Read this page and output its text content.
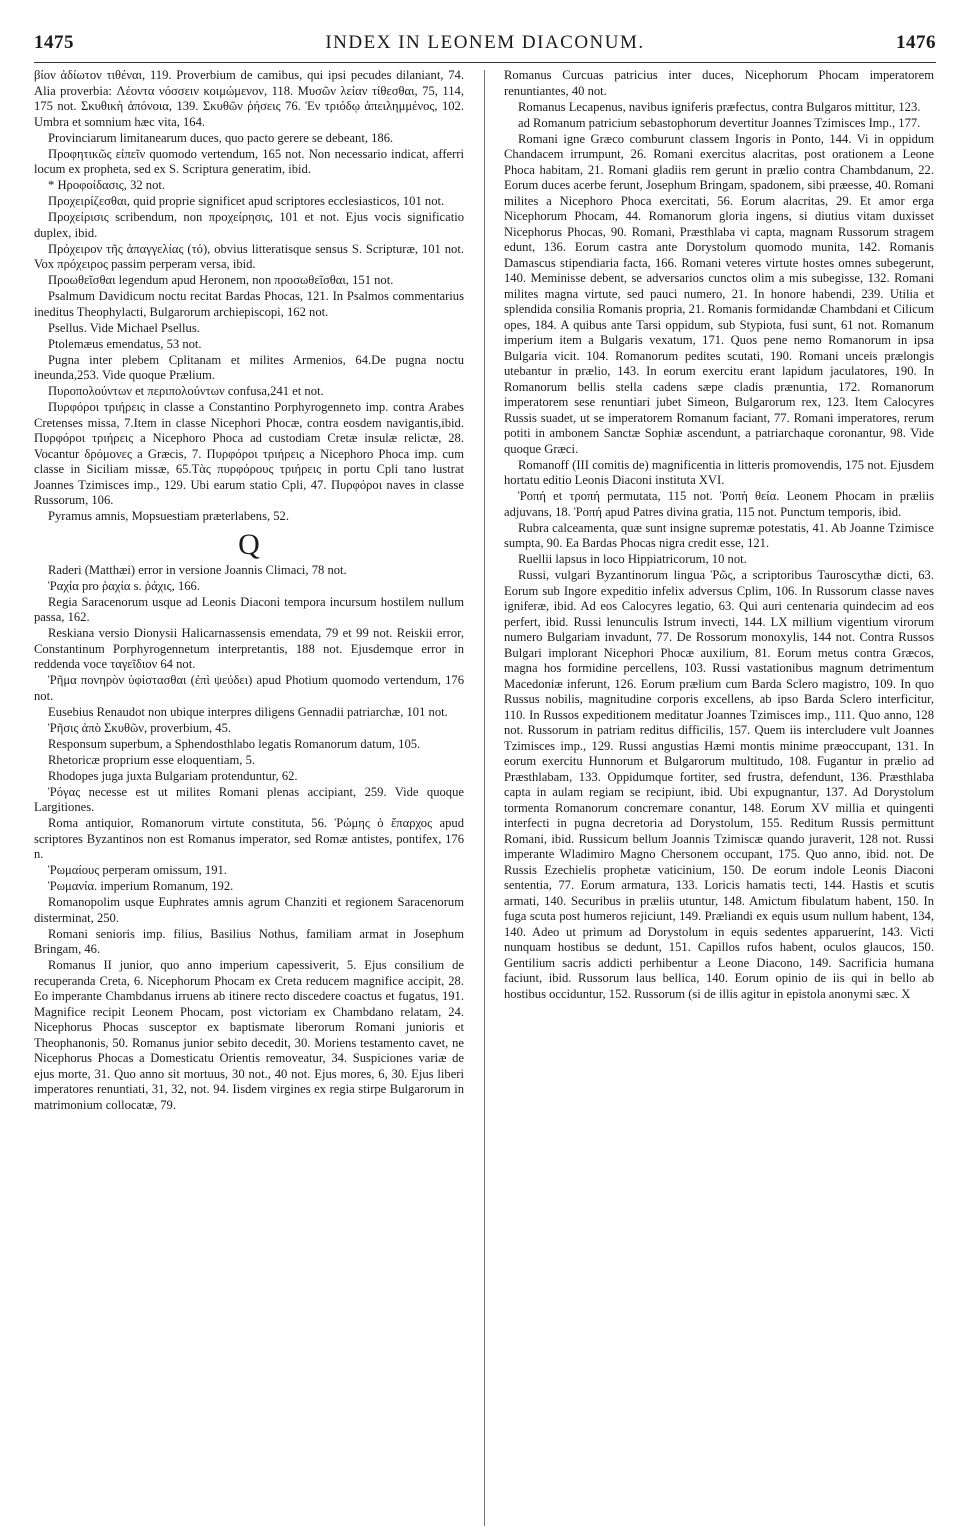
1475	INDEX IN LEONEM DIACONUM.	1476

βίον ἀδίωτον τιθέναι, 119. Proverbium de camibus, qui ipsi pecudes dilaniant, 74. Alia proverbia: Λέοντα νόσσειν κοιμώμενον, 118. Μυσῶν λείαν τίθεσθαι, 75, 114, 175 not. Σκυθικὴ ἀπόνοια, 139. Σκυθῶν ῥήσεις 76. Ἐν τριόδῳ ἀπειλημμένος, 102. Umbra et somnium hæc vita, 164.

Provinciarum limitanearum duces, quo pacto gerere se debeant, 186.

Προφητικῶς εἰπεῖν quomodo vertendum, 165 not. Non necessario indicat, afferri locum ex propheta, sed ex S. Scriptura generatim, ibid.

* Ηροφοίδασις, 32 not.

Προχειρίζεσθαι, quid proprie significet apud scriptores ecclesiasticos, 101 not.

Προχείρισις scribendum, non προχείρησις, 101 et not. Ejus vocis significatio duplex, ibid.

Πρόχειρον τῆς ἀπαγγελίας (τό), obvius litteratisque sensus S. Scripturæ, 101 not. Vox πρόχειρος passim perperam versa, ibid.

Προωθεῖσθαι legendum apud Heronem, non προσωθεῖσθαι, 151 not.

Psalmum Davidicum noctu recitat Bardas Phocas, 121. In Psalmos commentarius ineditus Theophylacti, Bulgarorum archiepiscopi, 162 not.

Psellus. Vide Michael Psellus.

Ptolemæus emendatus, 53 not.

Pugna inter plebem Cplitanam et milites Armenios, 64.De pugna noctu ineunda,253. Vide quoque Prælium.

Πυροπολούντων et περιπολούντων confusa,241 et not.

Πυρφόροι τριήρεις in classe a Constantino Porphyrogenneto imp. contra Arabes Cretenses missa, 7.Item in classe Nicephori Phocæ, contra eosdem navigantis,ibid. Πυρφόροι τριήρεις a Nicephoro Phoca ad custodiam Cretæ insulæ relictæ, 28. Vocantur δρόμονες a Græcis, 7. Πυρφόροι τριήρεις a Nicephoro Phoca imp. cum classe in Siciliam missæ, 65.Τὰς πυρφόρους τριήρεις in portu Cpli tano lustrat Joannes Tzimisces imp., 129. Ubi earum statio Cpli, 47. Πυρφόροι naves in classe Russorum, 106.

Pyramus amnis, Mopsuestiam præterlabens, 52.

Q

Raderi (Matthæi) error in versione Joannis Climaci, 78 not.

Ῥαχία pro ῥαχία s. ῥάχις, 166.

Regia Saracenorum usque ad Leonis Diaconi tempora incursum hostilem nullum passa, 162.

Reskiana versio Dionysii Halicarnassensis emendata, 79 et 99 not. Reiskii error, Constantinum Porphyrogennetum interpretantis, 188 not. Ejusdemque error in reddenda voce ταγεῖδιον 64 not.

Ῥῆμα πονηρὸν ὑφίστασθαι (ἐπὶ ψεύδει) apud Photium quomodo vertendum, 176 not.

Eusebius Renaudot non ubique interpres diligens Gennadii patriarchæ, 101 not.

Ῥῆσις ἀπὸ Σκυθῶν, proverbium, 45.

Responsum superbum, a Sphendosthlabo legatis Romanorum datum, 105.

Rhetoricæ proprium esse eloquentiam, 5.

Rhodopes juga juxta Bulgariam protenduntur, 62.

Ῥόγας necesse est ut milites Romani plenas accipiant, 259. Vide quoque Largitiones.

Roma antiquior, Romanorum virtute constituta, 56. Ῥώμης ὁ ἔπαρχος apud scriptores Byzantinos non est Romanus imperator, sed Romæ antistes, pontifex, 176 n.

Ῥωμαίους perperam omissum, 191.

Ῥωμανία. imperium Romanum, 192.

Romanopolim usque Euphrates amnis agrum Chanziti et regionem Saracenorum disterminat, 250.

Romani senioris imp. filius, Basilius Nothus, familiam armat in Josephum Bringam, 46.

Romanus II junior, quo anno imperium capessiverit, 5. Ejus consilium de recuperanda Creta, 6. Nicephorum Phocam ex Creta reducem magnifice accipit, 28. Eo imperante Chambdanus irruens ab itinere recto discedere coactus et fugatus, 191. Magnifice recipit Leonem Phocam, post victoriam ex Chambdano relatam, 24. Nicephorus Phocas susceptor ex baptismate liberorum Romani junioris et Theophanonis, 50. Romanus junior sebito decedit, 30. Moriens testamento cavet, ne Nicephorus Phocas a Domesticatu Orientis removeatur, 34. Suspiciones variæ de ejus morte, 31. Quo anno sit mortuus, 30 not., 40 not. Ejus mores, 6, 30. Ejus liberi imperatores renuntiati, 31, 32, not. 94. Iisdem virgines ex regia stirpe Bulgarorum in matrimonium collocatæ, 79.

Romanus Curcuas patricius inter duces, Nicephorum Phocam imperatorem renuntiantes, 40 not.

Romanus Lecapenus, navibus igniferis præfectus, contra Bulgaros mittitur, 123.

ad Romanum patricium sebastophorum devertitur Joannes Tzimisces Imp., 177.

Romani igne Græco comburunt classem Ingoris in Ponto, 144. Vi in oppidum Chandacem irrumpunt, 26. Romani exercitus alacritas, post orationem a Leone Phoca habitam, 21. Romani gladiis rem gerunt in prælio contra Chambdanum, 22. Eorum duces acerbe ferunt, Josephum Bringam, spadonem, sibi præesse, 40. Romani milites a Nicephoro Phoca exercitati, 56. Eorum alacritas, 29. Et amor erga Nicephorum Phocam, 44. Romanorum gloria ingens, si diutius vitam duxisset Nicephorus Phocas, 90. Romani, Præsthlaba vi capta, magnam Russorum stragem edunt, 136. Eorum castra ante Dorystolum quomodo munita, 142. Romanis Damascus stipendiaria facta, 166. Romani veteres virtute hostes omnes subegerunt, 140. Meminisse debent, se adversarios cunctos olim a mis subegisse, 132. Romani milites magna virtute, sed pauci numero, 21. In honore habendi, 239. Utilia et splendida consilia Romanis propria, 21. Romanis formidandæ Chambdani et Cilicum opes, 184. A quibus ante Tarsi oppidum, sub Stypiota, fusi sunt, 61 not. Romanum imperium item a Bulgaris vexatum, 171. Quos pene nemo Romanorum in ipsa Bulgaria vicit. 104. Romanorum pedites scutati, 190. Romani unceis prælongis utebantur in prælio, 143. In eorum exercitu erant lapidum jaculatores, 190. In Romanorum bellis stella cadens sæpe cladis prænuntia, 172. Romanorum imperatorem sese renuntiari jubet Simeon, Bulgarorum rex, 123. Item Calocyres Russis suadet, ut se imperatorem Romanum faciant, 77. Romani imperatores, rerum potiti in ambonem Sanctæ Sophiæ ascendunt, a patriarchaque coronantur, 98. Vide quoque Græci.

Romanoff (III comitis de) magnificentia in litteris promovendis, 175 not. Ejusdem hortatu editio Leonis Diaconi instituta XVI.

Ῥοπή et τροπή permutata, 115 not. Ῥοπὴ θεία. Leonem Phocam in præliis adjuvans, 18. Ῥοπή apud Patres divina gratia, 115 not. Punctum temporis, ibid.

Rubra calceamenta, quæ sunt insigne supremæ potestatis, 41. Ab Joanne Tzimisce sumpta, 90. Ea Bardas Phocas nigra credit esse, 121.

Ruellii lapsus in loco Hippiatricorum, 10 not.

Russi, vulgari Byzantinorum lingua Ῥῶς, a scriptoribus Tauroscythæ dicti, 63. Eorum sub Ingore expeditio infelix adversus Cplim, 106. In Russorum classe naves igniferæ, ibid. Ad eos Calocyres legatio, 63. Qui auri centenaria quindecim ad eos perfert, ibid. Russi lenunculis Istrum invecti, 144. LX millium vigentium virorum numero Bulgariam invadunt, 77. De Rossorum monoxylis, 144 not. Contra Russos Bulgari implorant Nicephori Phocæ auxilium, 81. Eorum metus contra Græcos, magna hos formidine percellens, 103. Russi vastationibus magnum detrimentum Macedoniæ inferunt, 126. Eorum prælium cum Barda Sclero magistro, 109. In quo Russus nobilis, magnitudine corporis excellens, ab ipso Barda Sclero interficitur, 110. In Russos expeditionem meditatur Joannes Tzimisces imp., 111. Quo anno, 128 not. Russorum in patriam reditus difficilis, 157. Quem iis intercludere vult Joannes Tzimisces imp., 129. Russi angustias Hæmi montis minime præoccupant, 131. In eorum exercitu Hunnorum et Bulgarorum multitudo, 108. Fugantur in prælio ad Præsthlabam, 133. Oppidumque fortiter, sed frustra, defendunt, 136. Præsthlaba capta in aulam regiam se recipiunt, ibid. Ubi expugnantur, 137. Ad Dorystolum tormenta Romanorum concremare conantur, 148. Eorum XV millia et quingenti interfecti in pugna decretoria ad Dorystolum, 155. Reditum Russis permittunt Romani, ibid. Russicum bellum Joannis Tzimiscæ quando juraverit, 128 not. Russi imperante Wladimiro Magno Chersonem occupant, 175. Quo anno, ibid. not. De Russis Ezechielis prophetæ vaticinium, 150. De eorum indole Leonis Diaconi sententia, 77. Eorum armatura, 133. Loricis hamatis tecti, 144. Hastis et scutis armati, 140. Securibus in præliis utuntur, 148. Amictum fibulatum habent, 150. In fuga scuta post humeros rejiciunt, 149. Præliandi ex equis usum nullum habent, 134, 140. Adeo ut primum ad Dorystolum in equis sedentes apparuerint, 143. Victi nunquam hostibus se dedunt, 151. Capillos rufos habent, oculos glaucos, 150. Gentilium sacris addicti perhibentur a Leone Diacono, 149. Sacrificia humana faciunt, ibid. Russorum laus bellica, 140. Eorum opinio de iis qui in bello ab hostibus occiduntur, 152. Russorum (si de illis agitur in epistola anonymi sæc. X
